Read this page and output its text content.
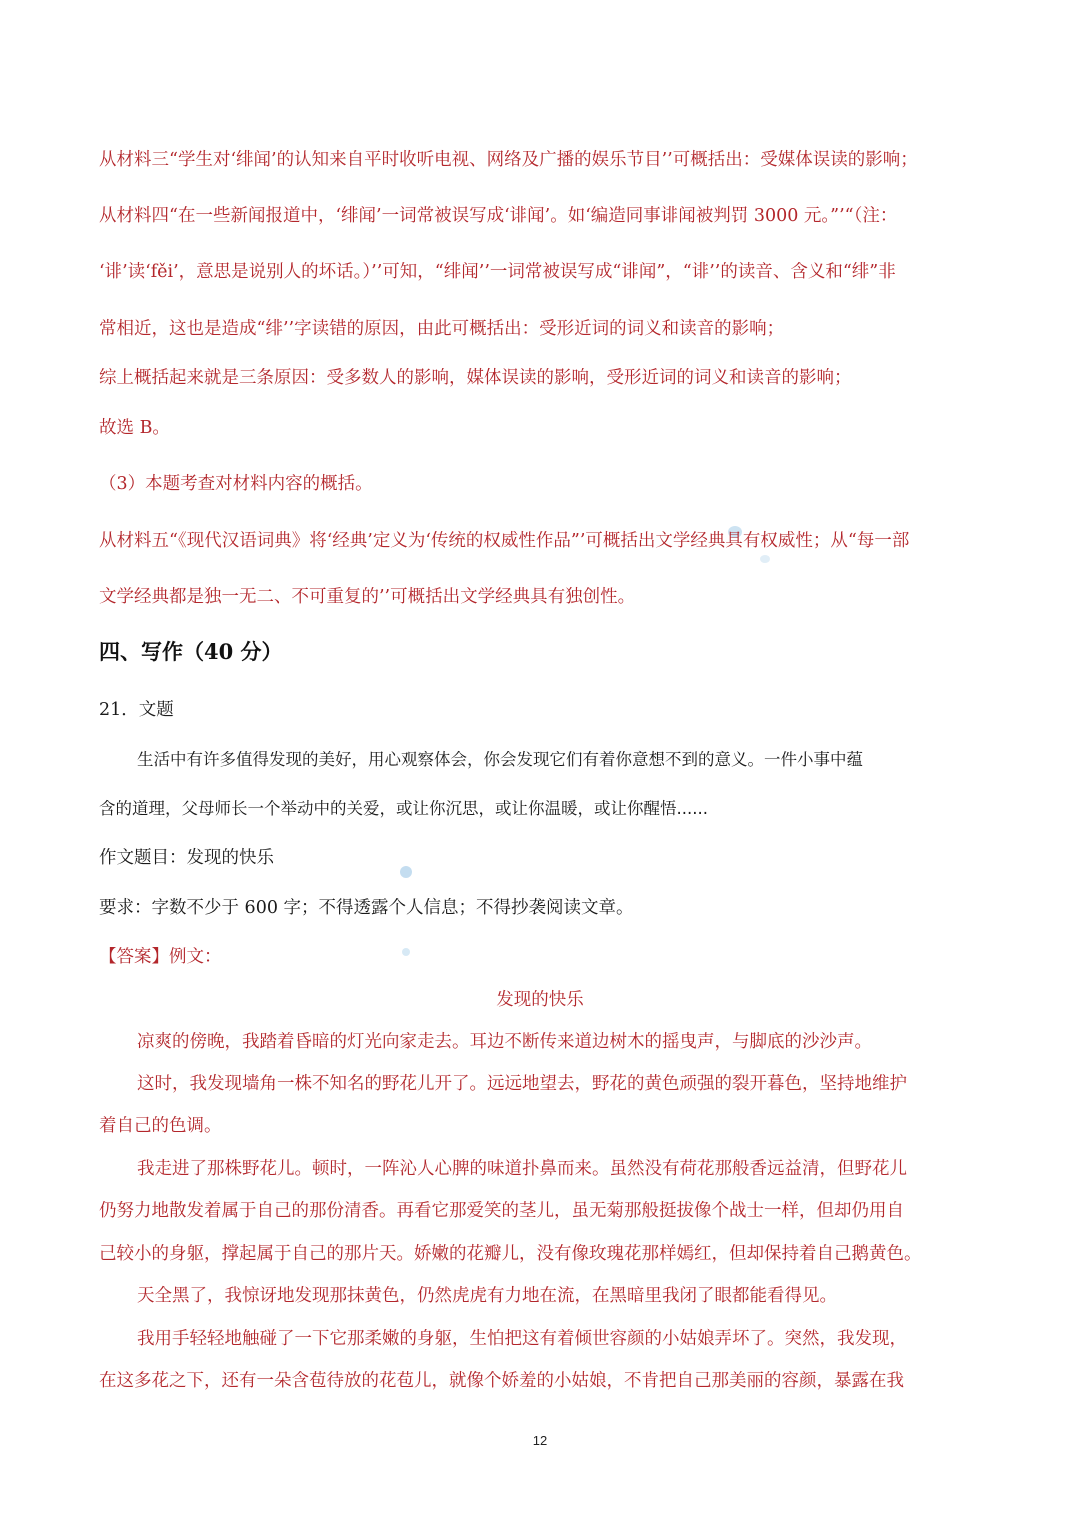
从材料三“学生对‘绯闻’的认知来自平时收听电视、网络及广播的娱乐节目’’可概括出：受媒体误读的影响；
从材料四“在一些新闻报道中，‘绯闻’一词常被误写成‘诽闻’。如‘编造同事诽闻被判罚 3000 元。”’“（注：
‘诽’读‘fěi’，意思是说别人的坏话。）’’可知，“绯闻’’一词常被误写成“诽闻”，“诽’’的读音、含义和“绯”非
常相近，这也是造成“绯’’字读错的原因，由此可概括出：受形近词的词义和读音的影响；
综上概括起来就是三条原因：受多数人的影响，媒体误读的影响，受形近词的词义和读音的影响；
故选 B。
（3）本题考查对材料内容的概括。
从材料五“《现代汉语词典》将‘经典’定义为‘传统的权威性作品”’可概括出文学经典具有权威性；从“每一部
文学经典都是独一无二、不可重复的’’可概括出文学经典具有独创性。
四、写作（40 分）
21．文题
生活中有许多值得发现的美好，用心观察体会，你会发现它们有着你意想不到的意义。一件小事中蕴
含的道理，父母师长一个举动中的关爱，或让你沉思，或让你温暖，或让你醒悟......
作文题目：发现的快乐
要求：字数不少于 600 字；不得透露个人信息；不得抄袭阅读文章。
【答案】例文：
发现的快乐
凉爽的傍晚，我踏着昏暗的灯光向家走去。耳边不断传来道边树木的摇曳声，与脚底的沙沙声。
这时，我发现墙角一株不知名的野花儿开了。远远地望去，野花的黄色顽强的裂开暮色，坚持地维护
着自己的色调。
我走进了那株野花儿。顿时，一阵沁人心脾的味道扑鼻而来。虽然没有荷花那般香远益清，但野花儿
仍努力地散发着属于自己的那份清香。再看它那爱笑的茎儿，虽无菊那般挺拔像个战士一样，但却仍用自
己较小的身躯，撑起属于自己的那片天。娇嫩的花瓣儿，没有像玫瑰花那样嫣红，但却保持着自己鹅黄色。
天全黑了，我惊讶地发现那抹黄色，仍然虎虎有力地在流，在黑暗里我闭了眼都能看得见。
我用手轻轻地触碰了一下它那柔嫩的身躯，生怕把这有着倾世容颜的小姑娘弄坏了。突然，我发现，
在这多花之下，还有一朵含苞待放的花苞儿，就像个娇羞的小姑娘，不肯把自己那美丽的容颜，暴露在我
12
